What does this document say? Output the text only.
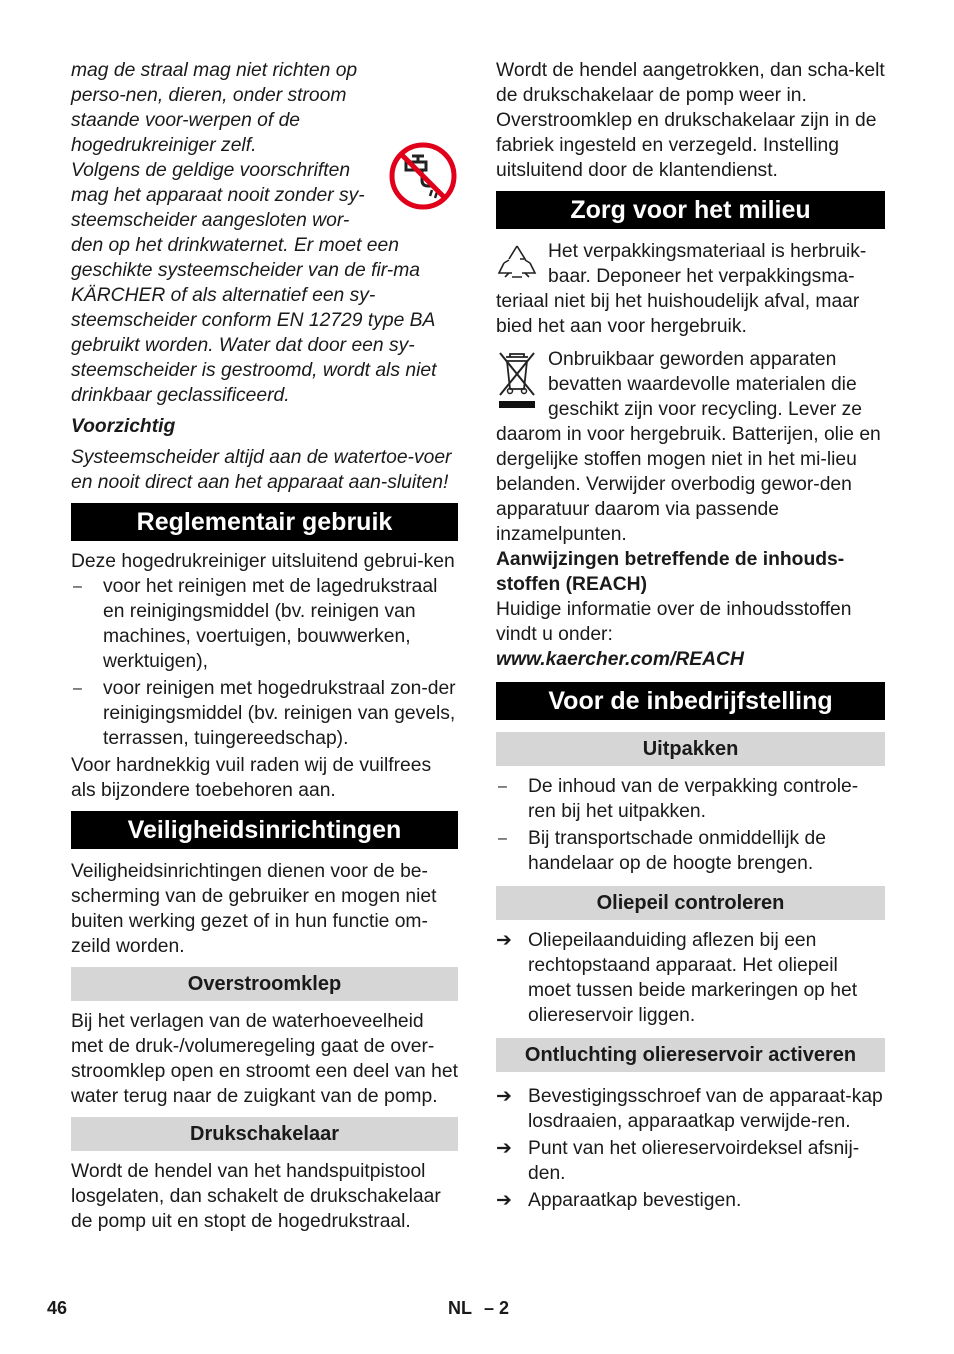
mag de straal mag niet richten op perso-nen, dieren, onder stroom staande voor-werpen of de hogedrukreiniger zelf.

Volgens de geldige voorschriften mag het apparaat nooit zonder sy-steemscheider aangesloten wor-den op het drinkwaternet. Er moet een geschikte systeemscheider van de fir-ma KÄRCHER of als alternatief een sy-steemscheider conform EN 12729 type BA gebruikt worden. Water dat door een sy-steemscheider is gestroomd, wordt als niet drinkbaar geclassificeerd.

Voorzichtig

Systeemscheider altijd aan de watertoe-voer en nooit direct aan het apparaat aan-sluiten!

Reglementair gebruik

Deze hogedrukreiniger uitsluitend gebrui-ken

– voor het reinigen met de lagedrukstraal en reinigingsmiddel (bv. reinigen van machines, voertuigen, bouwwerken, werktuigen),
– voor reinigen met hogedrukstraal zon-der reinigingsmiddel (bv. reinigen van gevels, terrassen, tuingereedschap).

Voor hardnekkig vuil raden wij de vuilfrees als bijzondere toebehoren aan.

Veiligheidsinrichtingen

Veiligheidsinrichtingen dienen voor de be-scherming van de gebruiker en mogen niet buiten werking gezet of in hun functie om-zeild worden.

Overstroomklep

Bij het verlagen van de waterhoeveelheid met de druk-/volumeregeling gaat de over-stroomklep open en stroomt een deel van het water terug naar de zuigkant van de pomp.

Drukschakelaar

Wordt de hendel van het handspuitpistool losgelaten, dan schakelt de drukschakelaar de pomp uit en stopt de hogedrukstraal.

Wordt de hendel aangetrokken, dan scha-kelt de drukschakelaar de pomp weer in. Overstroomklep en drukschakelaar zijn in de fabriek ingesteld en verzegeld. Instelling uitsluitend door de klantendienst.

Zorg voor het milieu

Het verpakkingsmateriaal is herbruik-baar. Deponeer het verpakkingsma-teriaal niet bij het huishoudelijk afval, maar bied het aan voor hergebruik.

Onbruikbaar geworden apparaten bevatten waardevolle materialen die geschikt zijn voor recycling. Lever ze daarom in voor hergebruik. Batterijen, olie en dergelijke stoffen mogen niet in het mi-lieu belanden. Verwijder overbodig gewor-den apparatuur daarom via passende inzamelpunten.

Aanwijzingen betreffende de inhouds-stoffen (REACH)

Huidige informatie over de inhoudsstoffen vindt u onder:

www.kaercher.com/REACH

Voor de inbedrijfstelling
Uitpakken
– De inhoud van de verpakking controle-ren bij het uitpakken.
– Bij transportschade onmiddellijk de handelaar op de hoogte brengen.
Oliepeil controleren
➔ Oliepeilaanduiding aflezen bij een rechtopstaand apparaat. Het oliepeil moet tussen beide markeringen op het oliereservoir liggen.
Ontluchting oliereservoir activeren
➔ Bevestigingsschroef van de apparaat-kap losdraaien, apparaatkap verwijde-ren.
➔ Punt van het oliereservoirdeksel afsnij-den.
➔ Apparaatkap bevestigen.
46	NL – 2
